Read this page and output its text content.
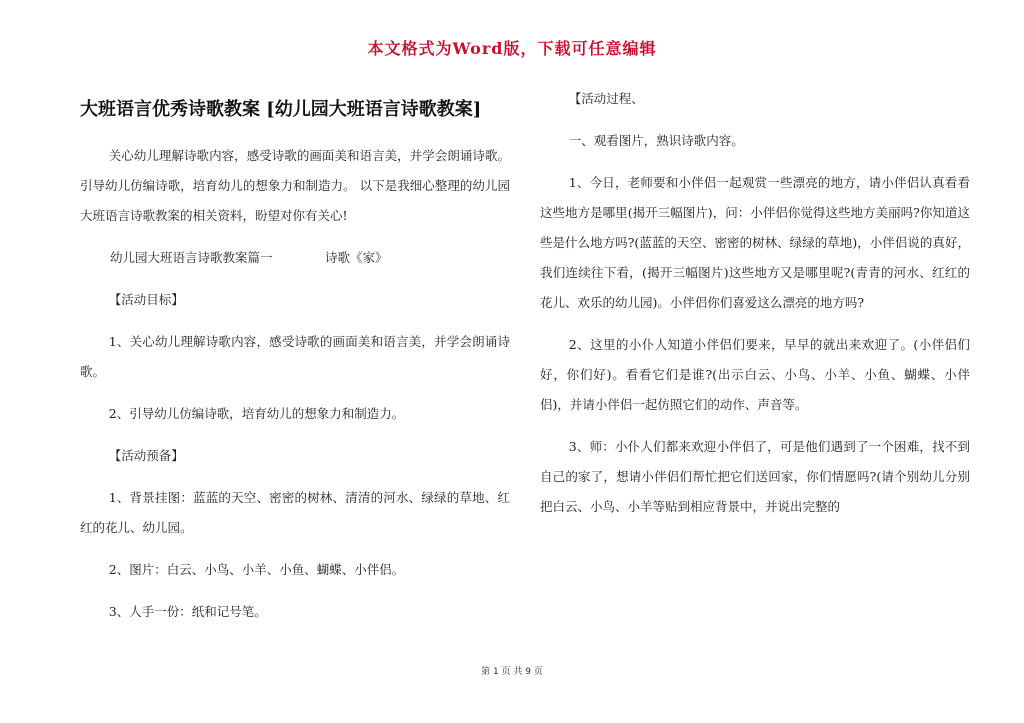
本文格式为Word版，下载可任意编辑
大班语言优秀诗歌教案 [幼儿园大班语言诗歌教案]

关心幼儿理解诗歌内容，感受诗歌的画面美和语言美，并学会朗诵诗歌。引导幼儿仿编诗歌，培育幼儿的想象力和制造力。 以下是我细心整理的幼儿园大班语言诗歌教案的相关资料，盼望对你有关心!

幼儿园大班语言诗歌教案篇一	诗歌《家》

【活动目标】

1、关心幼儿理解诗歌内容，感受诗歌的画面美和语言美，并学会朗诵诗歌。

2、引导幼儿仿编诗歌，培育幼儿的想象力和制造力。

【活动预备】

1、背景挂图：蓝蓝的天空、密密的树林、清清的河水、绿绿的草地、红红的花儿、幼儿园。

2、图片：白云、小鸟、小羊、小鱼、蝴蝶、小伴侣。

3、人手一份：纸和记号笔。

【活动过程、

一、观看图片，熟识诗歌内容。

1、今日，老师要和小伴侣一起观赏一些漂亮的地方，请小伴侣认真看看这些地方是哪里(揭开三幅图片)，问：小伴侣你觉得这些地方美丽吗?你知道这些是什么地方吗?(蓝蓝的天空、密密的树林、绿绿的草地)，小伴侣说的真好，我们连续往下看，(揭开三幅图片)这些地方又是哪里呢?(青青的河水、红红的花儿、欢乐的幼儿园)。小伴侣你们喜爱这么漂亮的地方吗?

2、这里的小仆人知道小伴侣们要来，早早的就出来欢迎了。(小伴侣们好，你们好)。看看它们是谁?(出示白云、小鸟、小羊、小鱼、蝴蝶、小伴侣)，并请小伴侣一起仿照它们的动作、声音等。

3、师：小仆人们都来欢迎小伴侣了，可是他们遇到了一个困难，找不到自己的家了，想请小伴侣们帮忙把它们送回家，你们情愿吗?(请个别幼儿分别把白云、小鸟、小羊等贴到相应背景中，并说出完整的

第 1 页 共 9 页
